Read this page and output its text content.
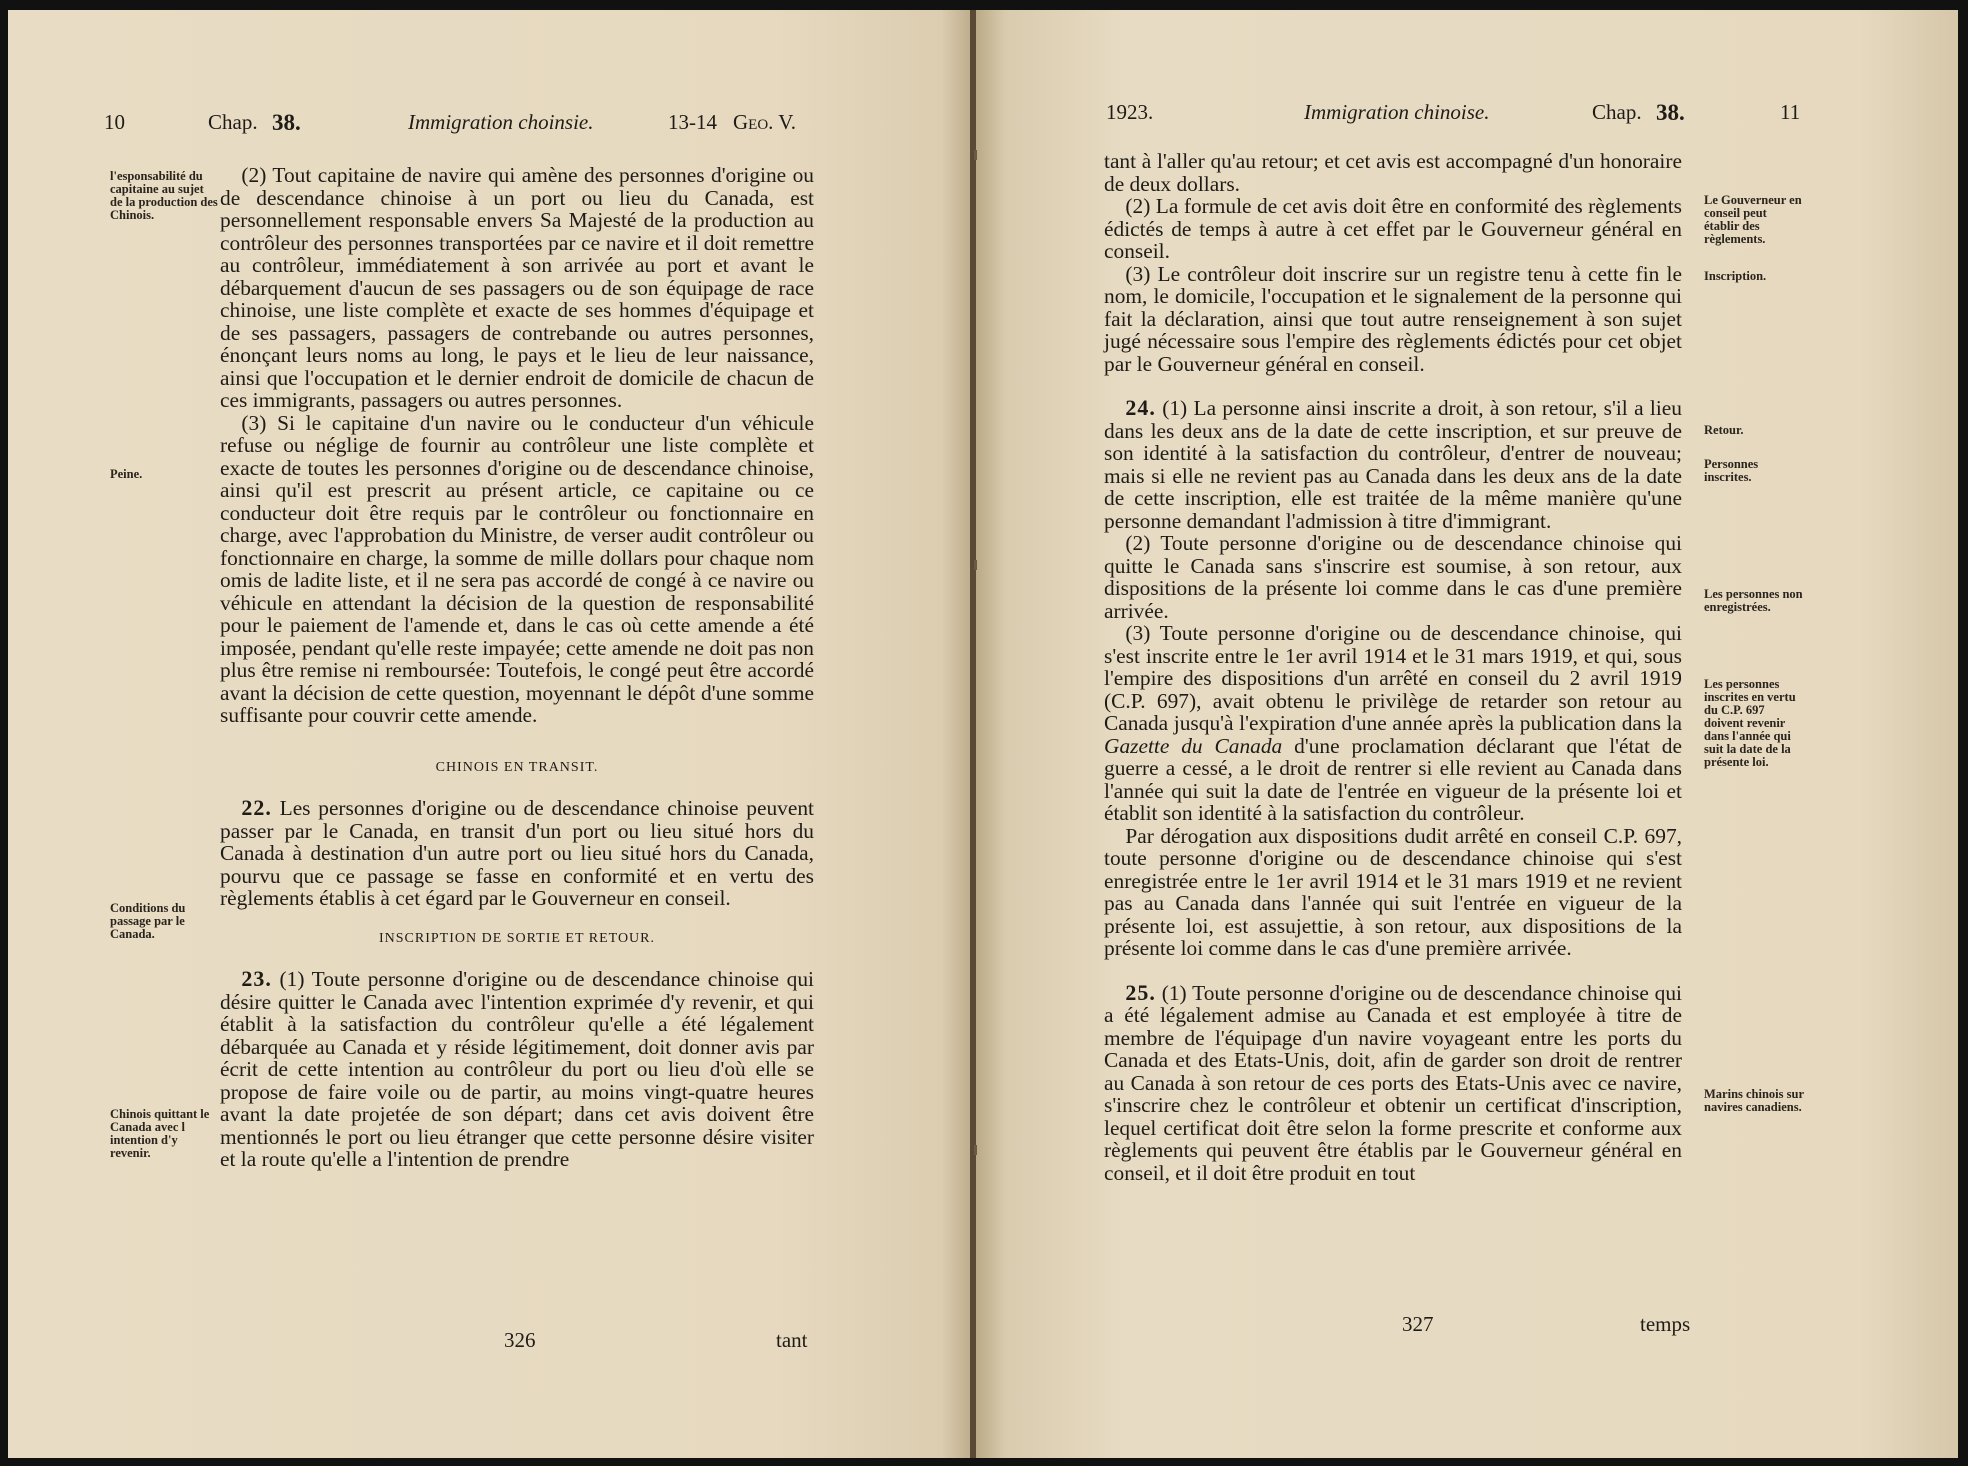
10	Chap. 38.	Immigration choinsie.	13-14 Geo. V.
l'esponsabilité du capitaine au sujet de la production des Chinois.
Peine.
Conditions du passage par le Canada.
Chinois quittant le Canada avec l intention d'y revenir.

(2) Tout capitaine de navire qui amène des personnes d'origine ou de descendance chinoise à un port ou lieu du Canada, est personnellement responsable envers Sa Majesté de la production au contrôleur des personnes transportées par ce navire et il doit remettre au contrôleur, immédiatement à son arrivée au port et avant le débarquement d'aucun de ses passagers ou de son équipage de race chinoise, une liste complète et exacte de ses hommes d'équipage et de ses passagers, passagers de contrebande ou autres personnes, énonçant leurs noms au long, le pays et le lieu de leur naissance, ainsi que l'occupation et le dernier endroit de domicile de chacun de ces immigrants, passagers ou autres personnes.

(3) Si le capitaine d'un navire ou le conducteur d'un véhicule refuse ou néglige de fournir au contrôleur une liste complète et exacte de toutes les personnes d'origine ou de descendance chinoise, ainsi qu'il est prescrit au présent article, ce capitaine ou ce conducteur doit être requis par le contrôleur ou fonctionnaire en charge, avec l'approbation du Ministre, de verser audit contrôleur ou fonctionnaire en charge, la somme de mille dollars pour chaque nom omis de ladite liste, et il ne sera pas accordé de congé à ce navire ou véhicule en attendant la décision de la question de responsabilité pour le paiement de l'amende et, dans le cas où cette amende a été imposée, pendant qu'elle reste impayée; cette amende ne doit pas non plus être remise ni remboursée: Toutefois, le congé peut être accordé avant la décision de cette question, moyennant le dépôt d'une somme suffisante pour couvrir cette amende.

CHINOIS EN TRANSIT.

22. Les personnes d'origine ou de descendance chinoise peuvent passer par le Canada, en transit d'un port ou lieu situé hors du Canada à destination d'un autre port ou lieu situé hors du Canada, pourvu que ce passage se fasse en conformité et en vertu des règlements établis à cet égard par le Gouverneur en conseil.

INSCRIPTION DE SORTIE ET RETOUR.

23. (1) Toute personne d'origine ou de descendance chinoise qui désire quitter le Canada avec l'intention exprimée d'y revenir, et qui établit à la satisfaction du contrôleur qu'elle a été légalement débarquée au Canada et y réside légitimement, doit donner avis par écrit de cette intention au contrôleur du port ou lieu d'où elle se propose de faire voile ou de partir, au moins vingt-quatre heures avant la date projetée de son départ; dans cet avis doivent être mentionnés le port ou lieu étranger que cette personne désire visiter et la route qu'elle a l'intention de prendre

326	tant
1923.	Immigration chinoise.	Chap. 38.	11
Le Gouverneur en conseil peut établir des règlements.
Inscription.
Retour.
Personnes inscrites.
Les personnes non enregistrées.
Les personnes inscrites en vertu du C.P. 697 doivent revenir dans l'année qui suit la date de la présente loi.
Marins chinois sur navires canadiens.

tant à l'aller qu'au retour; et cet avis est accompagné d'un honoraire de deux dollars.

(2) La formule de cet avis doit être en conformité des règlements édictés de temps à autre à cet effet par le Gouverneur général en conseil.

(3) Le contrôleur doit inscrire sur un registre tenu à cette fin le nom, le domicile, l'occupation et le signalement de la personne qui fait la déclaration, ainsi que tout autre renseignement à son sujet jugé nécessaire sous l'empire des règlements édictés pour cet objet par le Gouverneur général en conseil.

24. (1) La personne ainsi inscrite a droit, à son retour, s'il a lieu dans les deux ans de la date de cette inscription, et sur preuve de son identité à la satisfaction du contrôleur, d'entrer de nouveau; mais si elle ne revient pas au Canada dans les deux ans de la date de cette inscription, elle est traitée de la même manière qu'une personne demandant l'admission à titre d'immigrant.

(2) Toute personne d'origine ou de descendance chinoise qui quitte le Canada sans s'inscrire est soumise, à son retour, aux dispositions de la présente loi comme dans le cas d'une première arrivée.

(3) Toute personne d'origine ou de descendance chinoise, qui s'est inscrite entre le 1er avril 1914 et le 31 mars 1919, et qui, sous l'empire des dispositions d'un arrêté en conseil du 2 avril 1919 (C.P. 697), avait obtenu le privilège de retarder son retour au Canada jusqu'à l'expiration d'une année après la publication dans la Gazette du Canada d'une proclamation déclarant que l'état de guerre a cessé, a le droit de rentrer si elle revient au Canada dans l'année qui suit la date de l'entrée en vigueur de la présente loi et établit son identité à la satisfaction du contrôleur.

Par dérogation aux dispositions dudit arrêté en conseil C.P. 697, toute personne d'origine ou de descendance chinoise qui s'est enregistrée entre le 1er avril 1914 et le 31 mars 1919 et ne revient pas au Canada dans l'année qui suit l'entrée en vigueur de la présente loi, est assujettie, à son retour, aux dispositions de la présente loi comme dans le cas d'une première arrivée.

25. (1) Toute personne d'origine ou de descendance chinoise qui a été légalement admise au Canada et est employée à titre de membre de l'équipage d'un navire voyageant entre les ports du Canada et des Etats-Unis, doit, afin de garder son droit de rentrer au Canada à son retour de ces ports des Etats-Unis avec ce navire, s'inscrire chez le contrôleur et obtenir un certificat d'inscription, lequel certificat doit être selon la forme prescrite et conforme aux règlements qui peuvent être établis par le Gouverneur général en conseil, et il doit être produit en tout

327	temps
